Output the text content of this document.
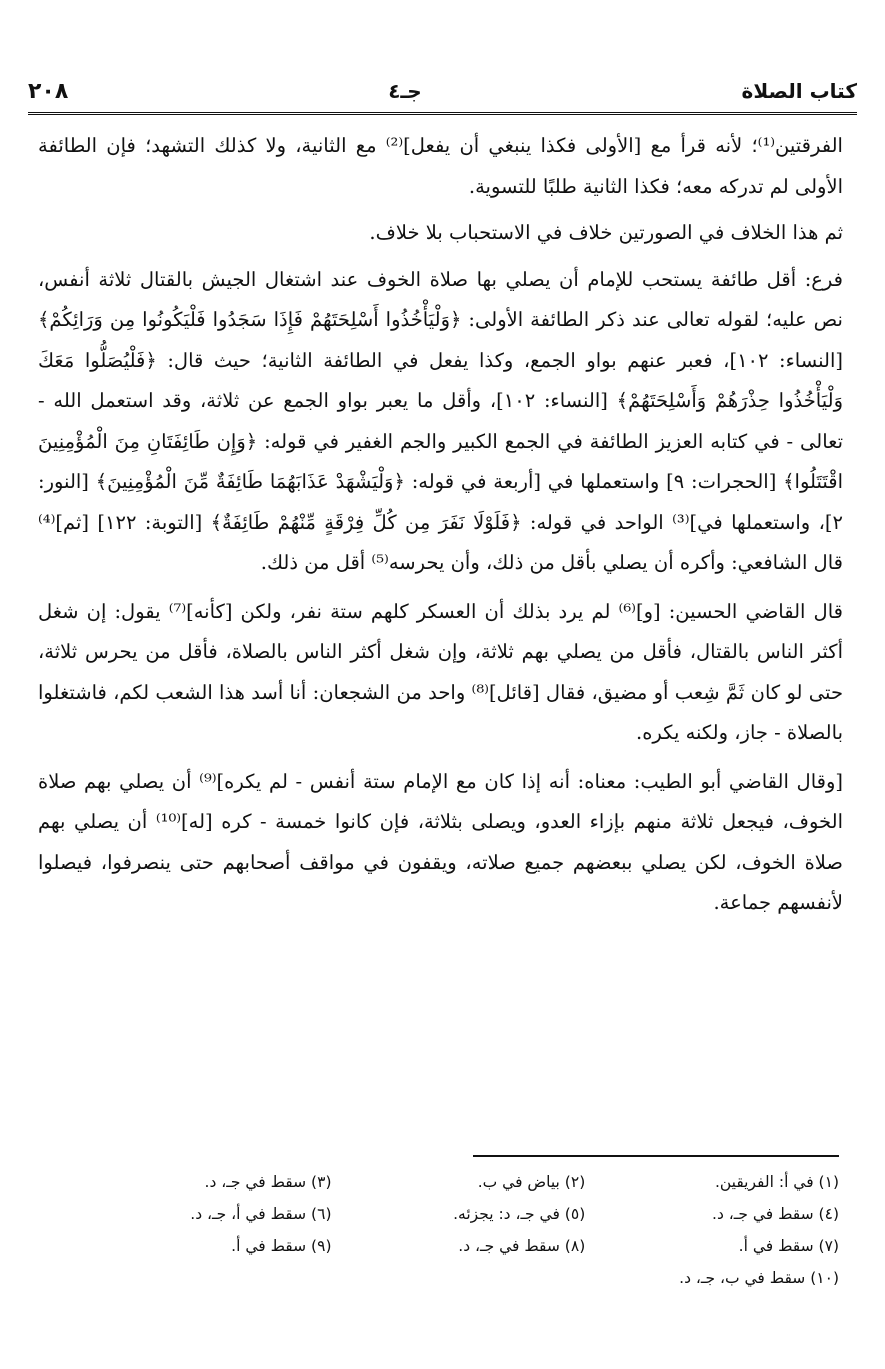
٢٠٨	جـ٤	كتاب الصلاة

الفرقتين⁽¹⁾؛ لأنه قرأ مع [الأولى فكذا ينبغي أن يفعل]⁽²⁾ مع الثانية، ولا كذلك التشهد؛ فإن الطائفة الأولى لم تدركه معه؛ فكذا الثانية طلبًا للتسوية.

ثم هذا الخلاف في الصورتين خلاف في الاستحباب بلا خلاف.

فرع: أقل طائفة يستحب للإمام أن يصلي بها صلاة الخوف عند اشتغال الجيش بالقتال ثلاثة أنفس، نص عليه؛ لقوله تعالى عند ذكر الطائفة الأولى: ﴿وَلْيَأْخُذُوا أَسْلِحَتَهُمْ فَإِذَا سَجَدُوا فَلْيَكُونُوا مِن وَرَائِكُمْ﴾ [النساء: ١٠٢]، فعبر عنهم بواو الجمع، وكذا يفعل في الطائفة الثانية؛ حيث قال: ﴿فَلْيُصَلُّوا مَعَكَ وَلْيَأْخُذُوا حِذْرَهُمْ وَأَسْلِحَتَهُمْ﴾ [النساء: ١٠٢]، وأقل ما يعبر بواو الجمع عن ثلاثة، وقد استعمل الله - تعالى - في كتابه العزيز الطائفة في الجمع الكبير والجم الغفير في قوله: ﴿وَإِن طَائِفَتَانِ مِنَ الْمُؤْمِنِينَ اقْتَتَلُوا﴾ [الحجرات: ٩] واستعملها في [أربعة في قوله: ﴿وَلْيَشْهَدْ عَذَابَهُمَا طَائِفَةٌ مِّنَ الْمُؤْمِنِينَ﴾ [النور: ٢]، واستعملها في]⁽³⁾ الواحد في قوله: ﴿فَلَوْلَا نَفَرَ مِن كُلِّ فِرْقَةٍ مِّنْهُمْ طَائِفَةٌ﴾ [التوبة: ١٢٢] [ثم]⁽⁴⁾ قال الشافعي: وأكره أن يصلي بأقل من ذلك، وأن يحرسه⁽⁵⁾ أقل من ذلك.

قال القاضي الحسين: [و]⁽⁶⁾ لم يرد بذلك أن العسكر كلهم ستة نفر، ولكن [كأنه]⁽⁷⁾ يقول: إن شغل أكثر الناس بالقتال، فأقل من يصلي بهم ثلاثة، وإن شغل أكثر الناس بالصلاة، فأقل من يحرس ثلاثة، حتى لو كان ثَمَّ شِعب أو مضيق، فقال [قائل]⁽⁸⁾ واحد من الشجعان: أنا أسد هذا الشعب لكم، فاشتغلوا بالصلاة - جاز، ولكنه يكره.

[وقال القاضي أبو الطيب: معناه: أنه إذا كان مع الإمام ستة أنفس - لم يكره]⁽⁹⁾ أن يصلي بهم صلاة الخوف، فيجعل ثلاثة منهم بإزاء العدو، ويصلى بثلاثة، فإن كانوا خمسة - كره [له]⁽¹⁰⁾ أن يصلي بهم صلاة الخوف، لكن يصلي ببعضهم جميع صلاته، ويقفون في مواقف أصحابهم حتى ينصرفوا، فيصلوا لأنفسهم جماعة.

(١) في أ: الفريقين.
(٢) بياض في ب.
(٣) سقط في جـ، د.
(٤) سقط في جـ، د.
(٥) في جـ، د: يجزئه.
(٦) سقط في أ، جـ، د.
(٧) سقط في أ.
(٨) سقط في جـ، د.
(٩) سقط في أ.
(١٠) سقط في ب، جـ، د.
